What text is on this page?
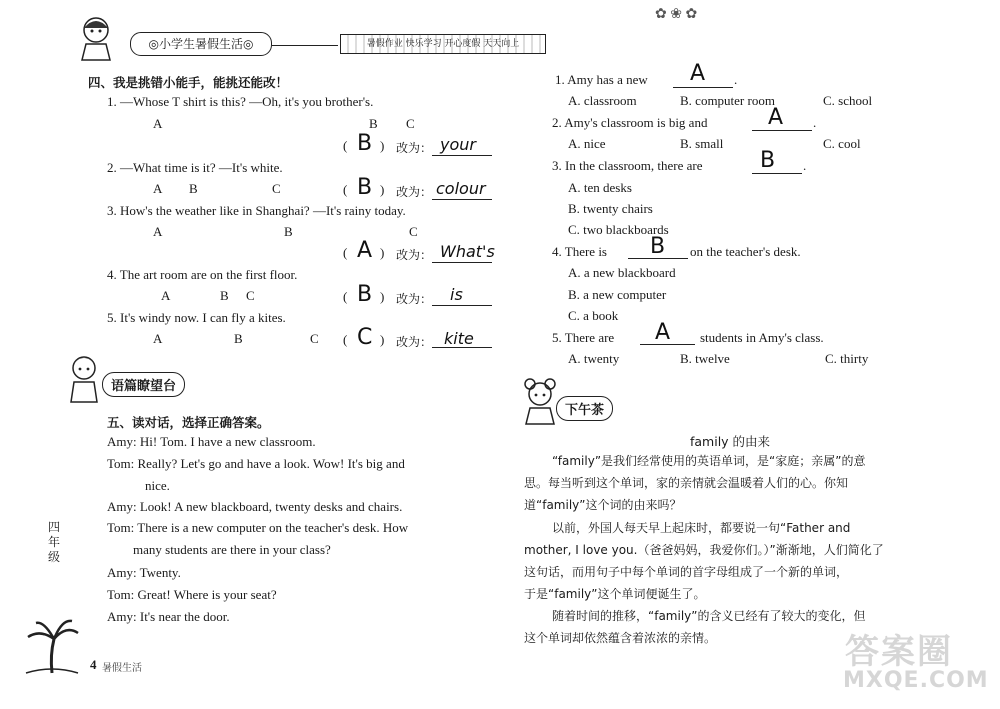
◎小学生暑假生活◎	暑假作业 快乐学习 开心度假 天天向上
✿ ❀ ✿
四、我是挑错小能手，能挑还能改！
1. —Whose T shirt is this? —Oh, it's you brother's.
A	B C
( B ) 改为： your
2. —What time is it? —It's white.
A B	C	( B ) 改为： colour
3. How's the weather like in Shanghai? —It's rainy today.
A	B	C
( A ) 改为： What's
4. The art room are on the first floor.
A	B C	( B ) 改为： is
5. It's windy now. I can fly a kites.
A	B	C ( C ) 改为： kite
语篇瞭望台
五、读对话，选择正确答案。
Amy: Hi! Tom. I have a new classroom.
Tom: Really? Let's go and have a look. Wow! It's big and
nice.
Amy: Look! A new blackboard, twenty desks and chairs.
Tom: There is a new computer on the teacher's desk. How
many students are there in your class?
Amy: Twenty.
Tom: Great! Where is your seat?
Amy: It's near the door.
四年级
4 暑假生活
1. Amy has a new A .
A. classroom	B. computer room	C. school
2. Amy's classroom is big and	A .
A. nice	B. small	C. cool
3. In the classroom, there are	B .
A. ten desks
B. twenty chairs
C. two blackboards
4. There is B on the teacher's desk.
A. a new blackboard
B. a new computer
C. a book
5. There are A students in Amy's class.
A. twenty	B. twelve	C. thirty
下午茶
family 的由来
“family”是我们经常使用的英语单词，是“家庭；亲属”的意
思。每当听到这个单词，家的亲情就会温暖着人们的心。你知
道“family”这个词的由来吗？
以前，外国人每天早上起床时，都要说一句“Father and
mother, I love you.（爸爸妈妈，我爱你们。）”渐渐地，人们简化了
这句话，而用句子中每个单词的首字母组成了一个新的单词，
于是“family”这个单词便诞生了。
随着时间的推移，“family”的含义已经有了较大的变化，但
这个单词却依然蕴含着浓浓的亲情。	答案圈
MXQE.COM
